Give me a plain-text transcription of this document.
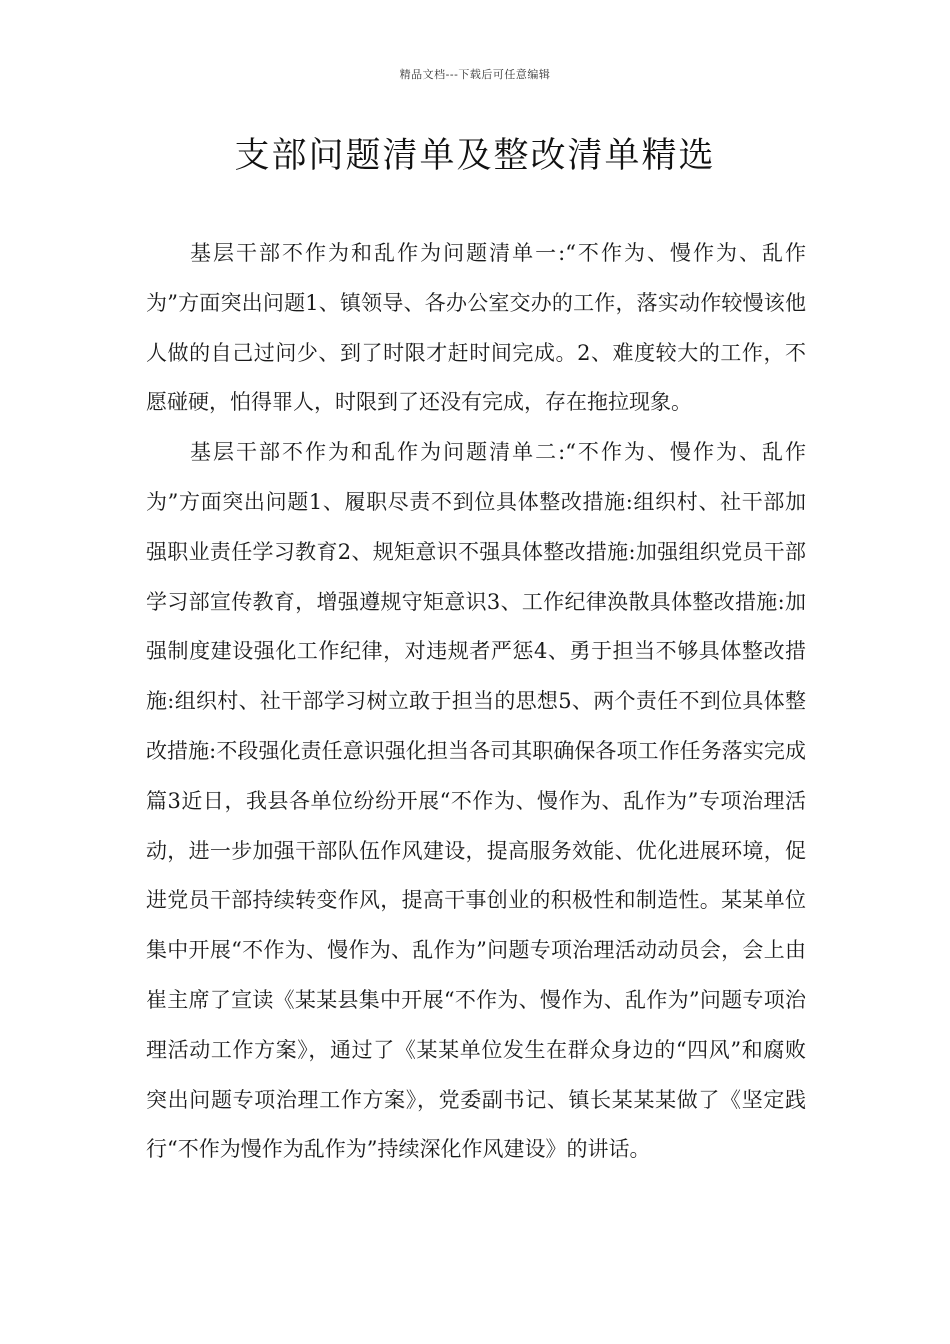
精品文档---下载后可任意编辑
支部问题清单及整改清单精选

基层干部不作为和乱作为问题清单一:“不作为、慢作为、乱作为”方面突出问题1、镇领导、各办公室交办的工作，落实动作较慢该他人做的自己过问少、到了时限才赶时间完成。2、难度较大的工作，不愿碰硬，怕得罪人，时限到了还没有完成，存在拖拉现象。

基层干部不作为和乱作为问题清单二:“不作为、慢作为、乱作为”方面突出问题1、履职尽责不到位具体整改措施:组织村、社干部加强职业责任学习教育2、规矩意识不强具体整改措施:加强组织党员干部学习部宣传教育，增强遵规守矩意识3、工作纪律涣散具体整改措施:加强制度建设强化工作纪律，对违规者严惩4、勇于担当不够具体整改措施:组织村、社干部学习树立敢于担当的思想5、两个责任不到位具体整改措施:不段强化责任意识强化担当各司其职确保各项工作任务落实完成篇3近日，我县各单位纷纷开展“不作为、慢作为、乱作为”专项治理活动，进一步加强干部队伍作风建设，提高服务效能、优化进展环境，促进党员干部持续转变作风，提高干事创业的积极性和制造性。某某单位集中开展“不作为、慢作为、乱作为”问题专项治理活动动员会，会上由崔主席了宣读《某某县集中开展“不作为、慢作为、乱作为”问题专项治理活动工作方案》，通过了《某某单位发生在群众身边的“四风”和腐败突出问题专项治理工作方案》，党委副书记、镇长某某某做了《坚定践行“不作为慢作为乱作为”持续深化作风建设》的讲话。
